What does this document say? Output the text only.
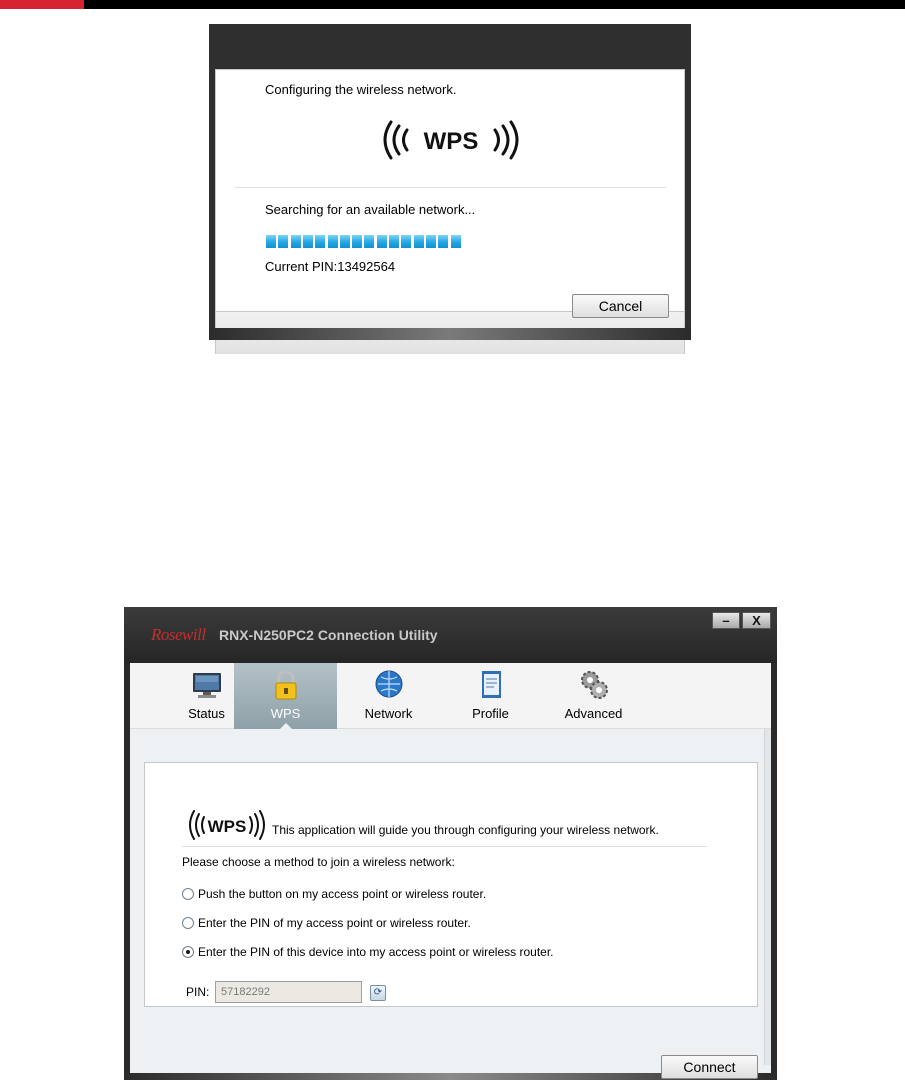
Configuring the wireless network.
WPS
Searching for an available network...
Current PIN:13492564
Cancel
Rosewill RNX-N250PC2 Connection Utility
–	X
Status	WPS	Network	Profile	Advanced
WPS This application will guide you through configuring your wireless network.
Please choose a method to join a wireless network:
Push the button on my access point or wireless router.
Enter the PIN of my access point or wireless router.
Enter the PIN of this device into my access point or wireless router.
PIN:
57182292	⟳
Connect
